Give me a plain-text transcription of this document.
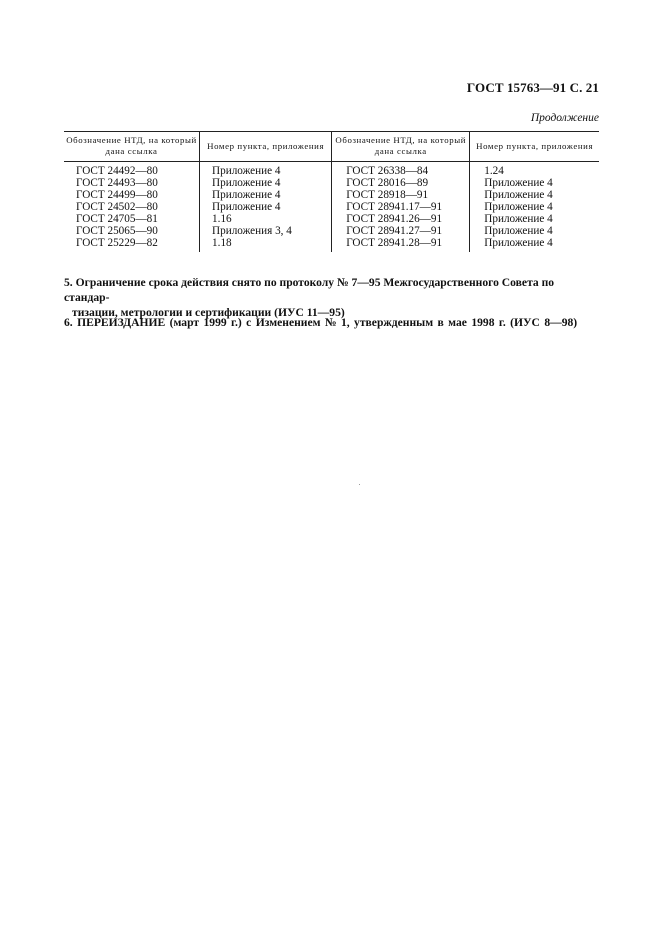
ГОСТ 15763—91 С. 21
Продолжение
Обозначение НТД, на который дана ссылка	Номер пункта, приложения	Обозначение НТД, на который дана ссылка	Номер пункта, приложения
ГОСТ 24492—80	Приложение 4	ГОСТ 26338—84	1.24
ГОСТ 24493—80	Приложение 4	ГОСТ 28016—89	Приложение 4
ГОСТ 24499—80	Приложение 4	ГОСТ 28918—91	Приложение 4
ГОСТ 24502—80	Приложение 4	ГОСТ 28941.17—91	Приложение 4
ГОСТ 24705—81	1.16	ГОСТ 28941.26—91	Приложение 4
ГОСТ 25065—90	Приложения 3, 4	ГОСТ 28941.27—91	Приложение 4
ГОСТ 25229—82	1.18	ГОСТ 28941.28—91	Приложение 4
5. Ограничение срока действия снято по протоколу № 7—95 Межгосударственного Совета по стандар-
тизации, метрологии и сертификации (ИУС 11—95)
6. ПЕРЕИЗДАНИЕ (март 1999 г.) с Изменением № 1, утвержденным в мае 1998 г. (ИУС 8—98)
